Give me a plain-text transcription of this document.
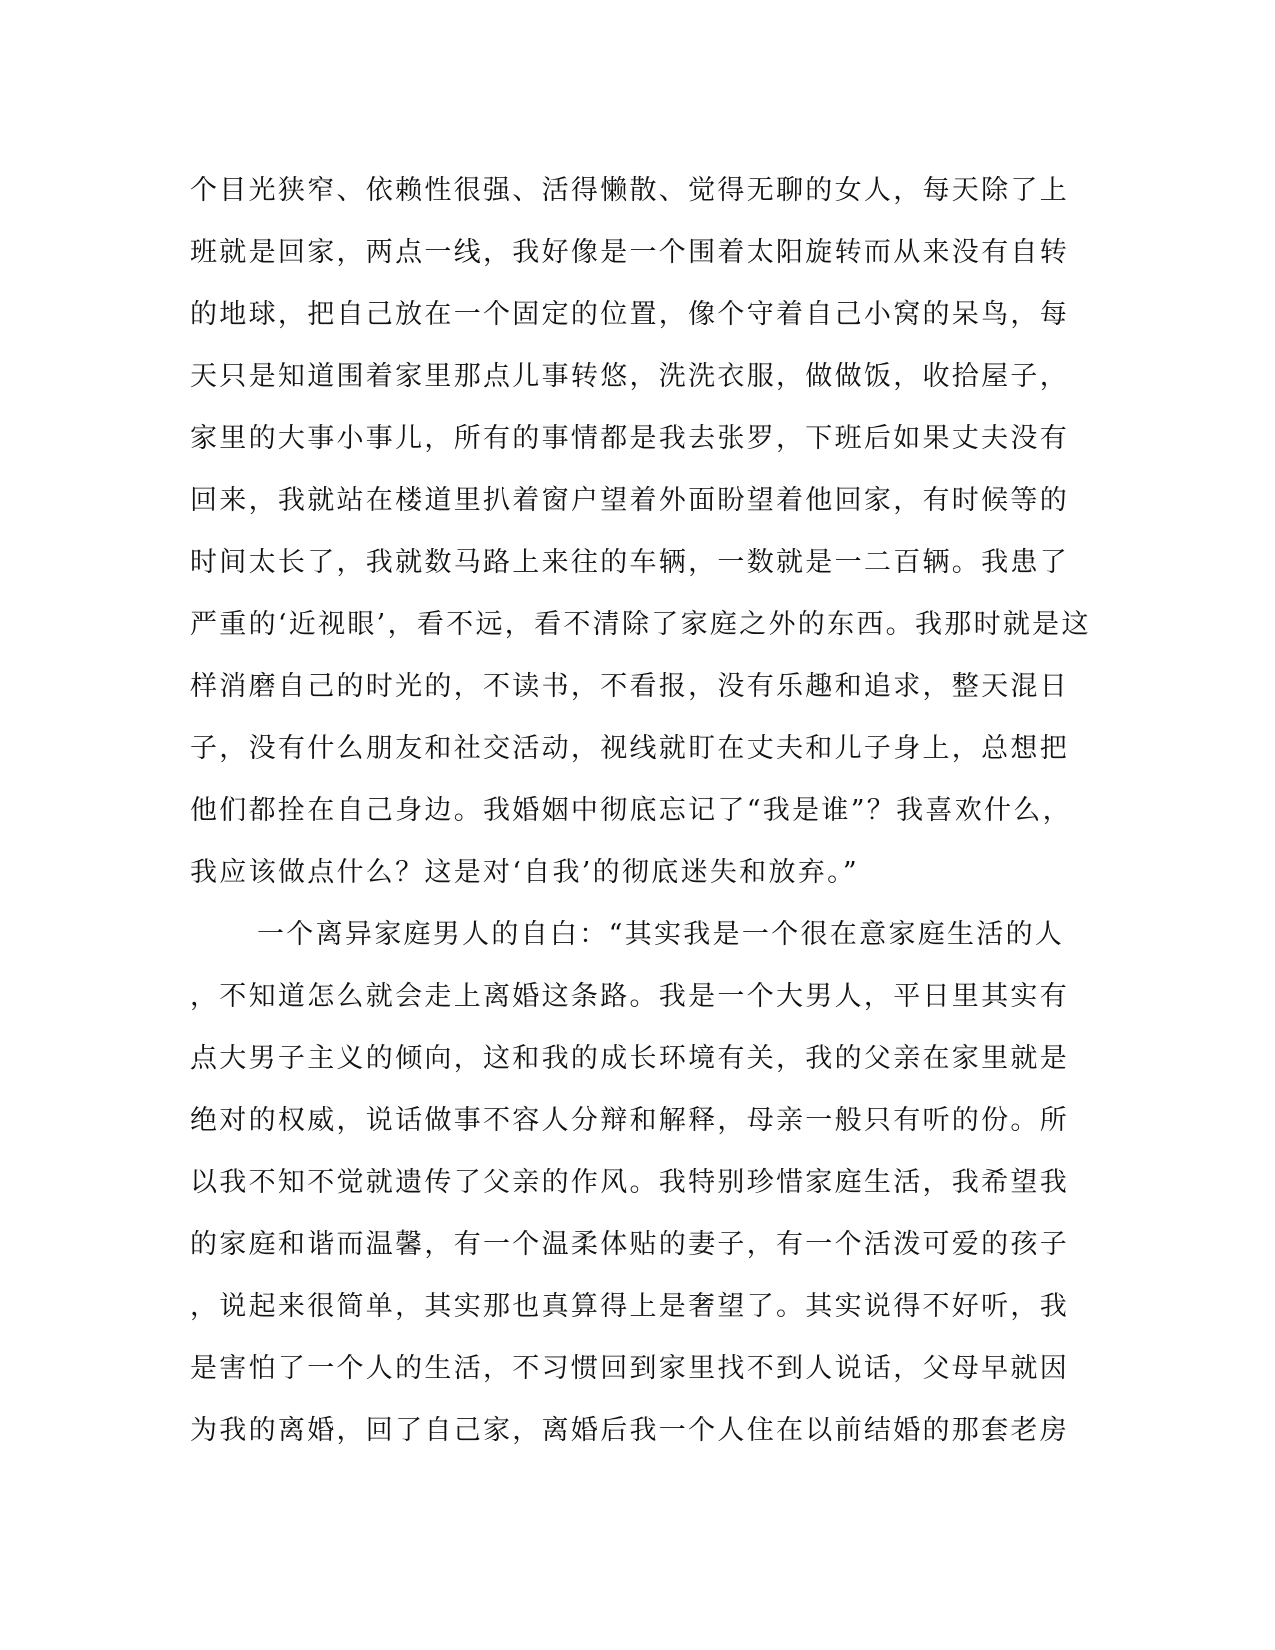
个目光狭窄、依赖性很强、活得懒散、觉得无聊的女人，每天除了上
班就是回家，两点一线，我好像是一个围着太阳旋转而从来没有自转
的地球，把自己放在一个固定的位置，像个守着自己小窝的呆鸟，每
天只是知道围着家里那点儿事转悠，洗洗衣服，做做饭，收拾屋子，
家里的大事小事儿，所有的事情都是我去张罗，下班后如果丈夫没有
回来，我就站在楼道里扒着窗户望着外面盼望着他回家，有时候等的
时间太长了，我就数马路上来往的车辆，一数就是一二百辆。我患了
严重的‘近视眼’，看不远，看不清除了家庭之外的东西。我那时就是这
样消磨自己的时光的，不读书，不看报，没有乐趣和追求，整天混日
子，没有什么朋友和社交活动，视线就盯在丈夫和儿子身上，总想把
他们都拴在自己身边。我婚姻中彻底忘记了“我是谁”？我喜欢什么，
我应该做点什么？这是对‘自我’的彻底迷失和放弃。”
一个离异家庭男人的自白：“其实我是一个很在意家庭生活的人
，不知道怎么就会走上离婚这条路。我是一个大男人，平日里其实有
点大男子主义的倾向，这和我的成长环境有关，我的父亲在家里就是
绝对的权威，说话做事不容人分辩和解释，母亲一般只有听的份。所
以我不知不觉就遗传了父亲的作风。我特别珍惜家庭生活，我希望我
的家庭和谐而温馨，有一个温柔体贴的妻子，有一个活泼可爱的孩子
，说起来很简单，其实那也真算得上是奢望了。其实说得不好听，我
是害怕了一个人的生活，不习惯回到家里找不到人说话，父母早就因
为我的离婚，回了自己家，离婚后我一个人住在以前结婚的那套老房
